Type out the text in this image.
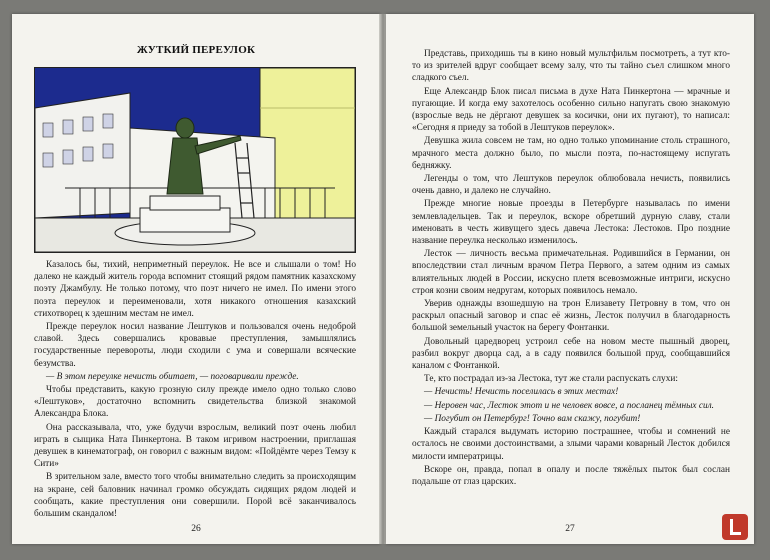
ЖУТКИЙ ПЕРЕУЛОК

Казалось бы, тихий, неприметный переулок. Не все и слышали о том! Но далеко не каждый житель города вспомнит стоящий рядом памятник казахскому поэту Джамбулу. Не только потому, что поэт ничего не имел. По имени этого поэта переулок и переименовали, хотя никакого отношения казахский стихотворец к здешним местам не имел.

Прежде переулок носил название Лештуков и пользовался очень недоброй славой. Здесь совершались кровавые преступления, замышлялись государственные перевороты, люди сходили с ума и совершали всяческие безумства.

— В этом переулке нечисть обитает, — поговаривали прежде.

Чтобы представить, какую грозную силу прежде имело одно только слово «Лештуков», достаточно вспомнить свидетельства близкой знакомой Александра Блока.

Она рассказывала, что, уже будучи взрослым, великий поэт очень любил играть в сыщика Ната Пинкертона. В таком игривом настроении, приглашая девушек в кинематограф, он говорил с важным видом: «Пойдёмте через Темзу к Сити»

В зрительном зале, вместо того чтобы внимательно следить за происходящим на экране, сей баловник начинал громко обсуждать сидящих рядом людей и сообщать, какие преступления они совершили. Порой всё заканчивалось большим скандалом!

26

Представь, приходишь ты в кино новый мультфильм посмотреть, а тут кто-то из зрителей вдруг сообщает всему залу, что ты тайно съел слишком много сладкого съел.

Еще Александр Блок писал письма в духе Ната Пинкертона — мрачные и пугающие. И когда ему захотелось особенно сильно напугать свою знакомую (взрослые ведь не дёргают девушек за косички, они их пугают), то написал: «Сегодня я приеду за тобой в Лештуков переулок».

Девушка жила совсем не там, но одно только упоминание столь страшного, мрачного места должно было, по мысли поэта, по-настоящему испугать бедняжку.

Легенды о том, что Лештуков переулок облюбовала нечисть, появились очень давно, и далеко не случайно.

Прежде многие новые проезды в Петербурге называлась по имени землевладельцев. Так и переулок, вскоре обретший дурную славу, стали именовать в честь живущего здесь давеча Лестока: Лестоков. Про поздние название переулка несколько изменилось.

Лесток — личность весьма примечательная. Родившийся в Германии, он впоследствии стал личным врачом Петра Первого, а затем одним из самых влиятельных людей в России, искусно плетя всевозможные интриги, искусно строя козни своим недругам, которых появилось немало.

Уверив однажды взошедшую на трон Елизавету Петровну в том, что он раскрыл опасный заговор и спас её жизнь, Лесток получил в благодарность большой земельный участок на берегу Фонтанки.

Довольный царедворец устроил себе на новом месте пышный дворец, разбил вокруг дворца сад, а в саду появился большой пруд, сообщавшийся каналом с Фонтанкой.

Те, кто пострадал из-за Лестока, тут же стали распускать слухи:

— Нечисть! Нечисть поселилась в этих местах!

— Неровен час, Лесток этот и не человек вовсе, а посланец тёмных сил.

— Погубит он Петербург! Точно вам скажу, погубит!

Каждый старался выдумать историю пострашнее, чтобы и сомнений не осталось не своими достоинствами, а злыми чарами коварный Лесток добился милости императрицы.

Вскоре он, правда, попал в опалу и после тяжёлых пыток был сослан подальше от глаз царских.

27
